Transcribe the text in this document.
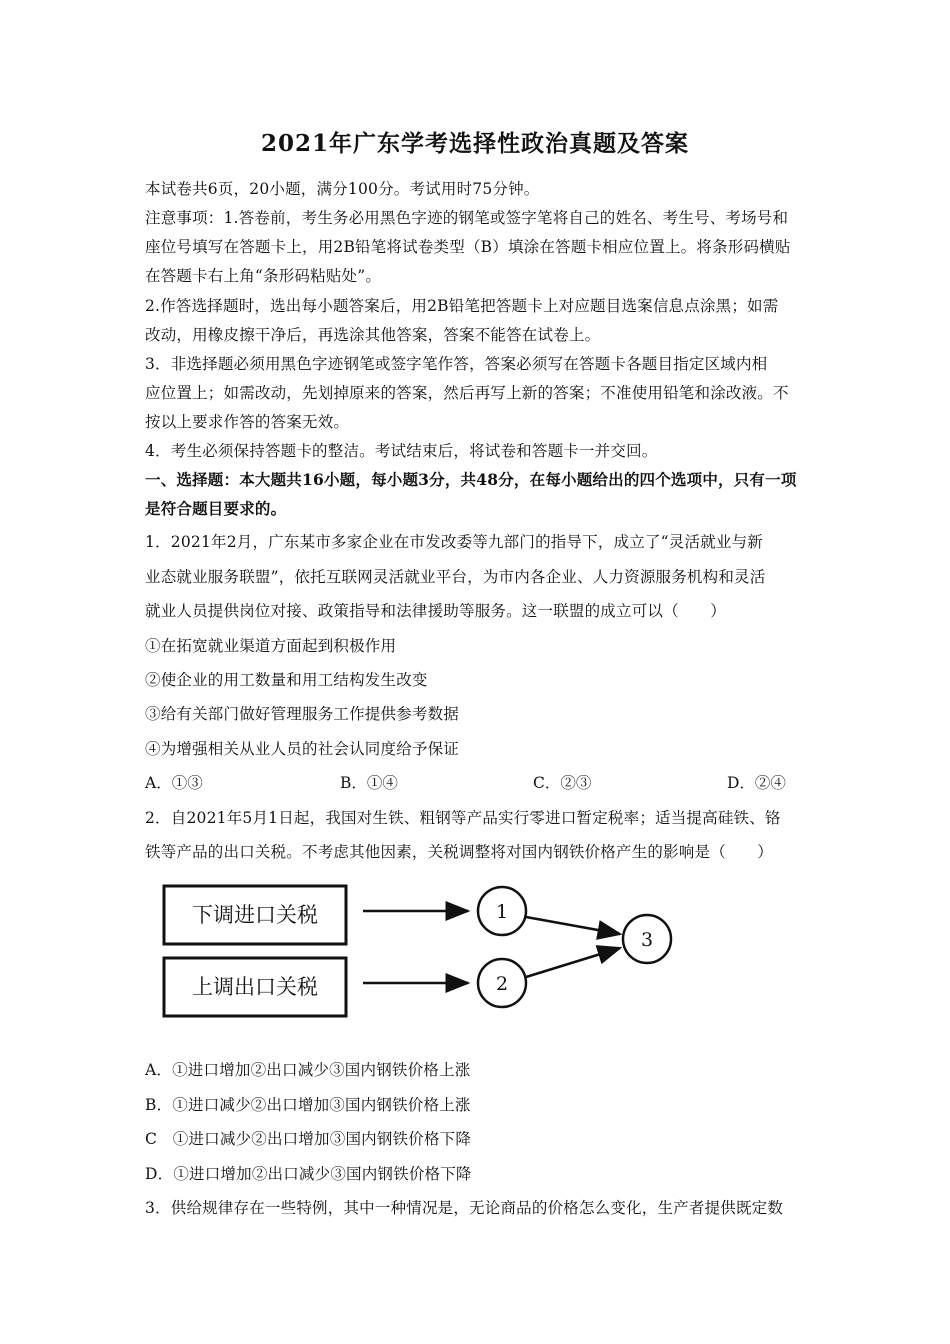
2021年广东学考选择性政治真题及答案
本试卷共6页，20小题，满分100分。考试用时75分钟。
注意事项：1.答卷前，考生务必用黑色字迹的钢笔或签字笔将自己的姓名、考生号、考场号和
座位号填写在答题卡上，用2B铅笔将试卷类型（B）填涂在答题卡相应位置上。将条形码横贴
在答题卡右上角“条形码粘贴处”。
2.作答选择题时，选出每小题答案后，用2B铅笔把答题卡上对应题目选案信息点涂黑；如需
改动，用橡皮擦干净后，再选涂其他答案，答案不能答在试卷上。
3．非选择题必须用黑色字迹钢笔或签字笔作答，答案必须写在答题卡各题目指定区域内相
应位置上；如需改动，先划掉原来的答案，然后再写上新的答案；不准使用铅笔和涂改液。不
按以上要求作答的答案无效。
4．考生必须保持答题卡的整洁。考试结束后，将试卷和答题卡一并交回。
一、选择题：本大题共16小题，每小题3分，共48分，在每小题给出的四个选项中，只有一项
是符合题目要求的。
1．2021年2月，广东某市多家企业在市发改委等九部门的指导下，成立了“灵活就业与新
业态就业服务联盟”，依托互联网灵活就业平台，为市内各企业、人力资源服务机构和灵活
就业人员提供岗位对接、政策指导和法律援助等服务。这一联盟的成立可以（　　）
①在拓宽就业渠道方面起到积极作用
②使企业的用工数量和用工结构发生改变
③给有关部门做好管理服务工作提供参考数据
④为增强相关从业人员的社会认同度给予保证
A．①③	B．①④	C．②③	D．②④
2．自2021年5月1日起，我国对生铁、粗钢等产品实行零进口暂定税率；适当提高硅铁、铬
铁等产品的出口关税。不考虑其他因素，关税调整将对国内钢铁价格产生的影响是（　　）
下调进口关税
上调出口关税
1
2
3
A．①进口增加②出口减少③国内钢铁价格上涨
B．①进口减少②出口增加③国内钢铁价格上涨
C　①进口减少②出口增加③国内钢铁价格下降
D．①进口增加②出口减少③国内钢铁价格下降
3．供给规律存在一些特例，其中一种情况是，无论商品的价格怎么变化，生产者提供既定数
